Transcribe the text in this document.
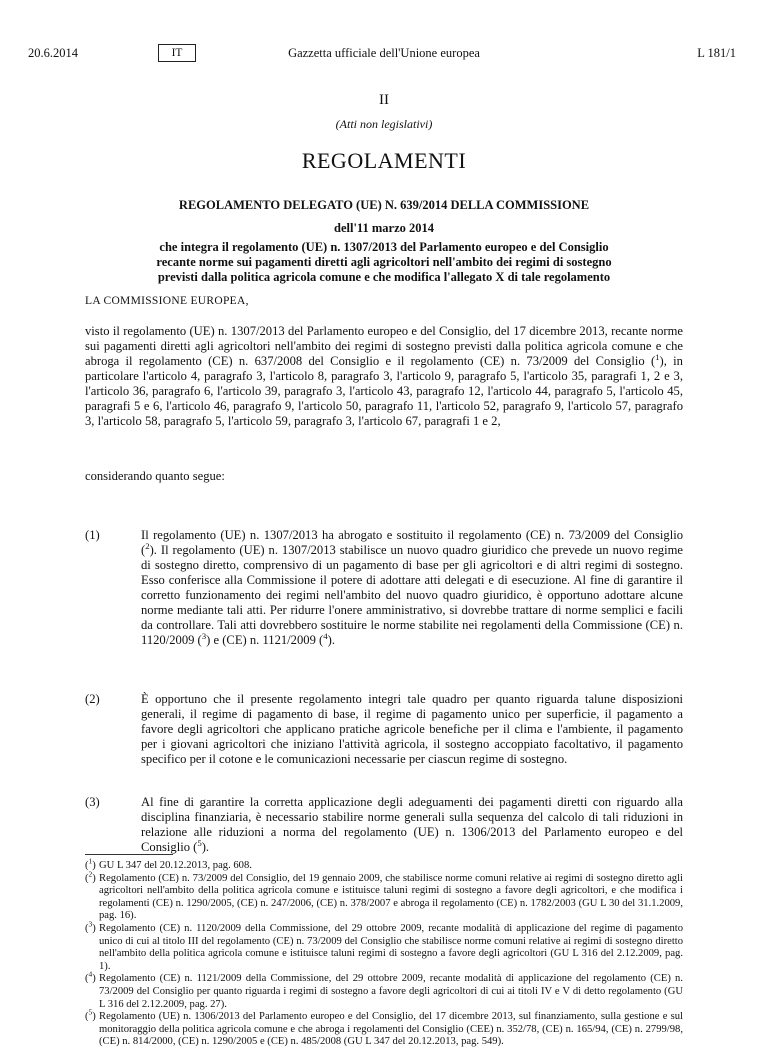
20.6.2014	IT	Gazzetta ufficiale dell'Unione europea	L 181/1
II
(Atti non legislativi)
REGOLAMENTI
REGOLAMENTO DELEGATO (UE) N. 639/2014 DELLA COMMISSIONE
dell'11 marzo 2014
che integra il regolamento (UE) n. 1307/2013 del Parlamento europeo e del Consiglio recante norme sui pagamenti diretti agli agricoltori nell'ambito dei regimi di sostegno previsti dalla politica agricola comune e che modifica l'allegato X di tale regolamento
LA COMMISSIONE EUROPEA,
visto il regolamento (UE) n. 1307/2013 del Parlamento europeo e del Consiglio, del 17 dicembre 2013, recante norme sui pagamenti diretti agli agricoltori nell'ambito dei regimi di sostegno previsti dalla politica agricola comune e che abroga il regolamento (CE) n. 637/2008 del Consiglio e il regolamento (CE) n. 73/2009 del Consiglio ($^1$), in particolare l'articolo 4, paragrafo 3, l'articolo 8, paragrafo 3, l'articolo 9, paragrafo 5, l'articolo 35, paragrafi 1, 2 e 3, l'articolo 36, paragrafo 6, l'articolo 39, paragrafo 3, l'articolo 43, paragrafo 12, l'articolo 44, paragrafo 5, l'articolo 45, paragrafi 5 e 6, l'articolo 46, paragrafo 9, l'articolo 50, paragrafo 11, l'articolo 52, paragrafo 9, l'articolo 57, paragrafo 3, l'articolo 58, paragrafo 5, l'articolo 59, paragrafo 3, l'articolo 67, paragrafi 1 e 2,
considerando quanto segue:
(1)	Il regolamento (UE) n. 1307/2013 ha abrogato e sostituito il regolamento (CE) n. 73/2009 del Consiglio ($^2$). Il regolamento (UE) n. 1307/2013 stabilisce un nuovo quadro giuridico che prevede un nuovo regime di sostegno diretto, comprensivo di un pagamento di base per gli agricoltori e di altri regimi di sostegno. Esso conferisce alla Commissione il potere di adottare atti delegati e di esecuzione. Al fine di garantire il corretto funzionamento dei regimi nell'ambito del nuovo quadro giuridico, è opportuno adottare alcune norme mediante tali atti. Per ridurre l'onere amministrativo, si dovrebbe trattare di norme semplici e facili da controllare. Tali atti dovrebbero sostituire le norme stabilite nei regolamenti della Commissione (CE) n. 1120/2009 ($^3$) e (CE) n. 1121/2009 ($^4$).
(2)	È opportuno che il presente regolamento integri tale quadro per quanto riguarda talune disposizioni generali, il regime di pagamento di base, il regime di pagamento unico per superficie, il pagamento a favore degli agricoltori che applicano pratiche agricole benefiche per il clima e l'ambiente, il pagamento per i giovani agricoltori che iniziano l'attività agricola, il sostegno accoppiato facoltativo, il pagamento specifico per il cotone e le comunicazioni necessarie per ciascun regime di sostegno.
(3)	Al fine di garantire la corretta applicazione degli adeguamenti dei pagamenti diretti con riguardo alla disciplina finanziaria, è necessario stabilire norme generali sulla sequenza del calcolo di tali riduzioni in relazione alle riduzioni a norma del regolamento (UE) n. 1306/2013 del Parlamento europeo e del Consiglio ($^5$).
($^1$) GU L 347 del 20.12.2013, pag. 608.
($^2$) Regolamento (CE) n. 73/2009 del Consiglio, del 19 gennaio 2009, che stabilisce norme comuni relative ai regimi di sostegno diretto agli agricoltori nell'ambito della politica agricola comune e istituisce taluni regimi di sostegno a favore degli agricoltori, e che modifica i regolamenti (CE) n. 1290/2005, (CE) n. 247/2006, (CE) n. 378/2007 e abroga il regolamento (CE) n. 1782/2003 (GU L 30 del 31.1.2009, pag. 16).
($^3$) Regolamento (CE) n. 1120/2009 della Commissione, del 29 ottobre 2009, recante modalità di applicazione del regime di pagamento unico di cui al titolo III del regolamento (CE) n. 73/2009 del Consiglio che stabilisce norme comuni relative ai regimi di sostegno diretto nell'ambito della politica agricola comune e istituisce taluni regimi di sostegno a favore degli agricoltori (GU L 316 del 2.12.2009, pag. 1).
($^4$) Regolamento (CE) n. 1121/2009 della Commissione, del 29 ottobre 2009, recante modalità di applicazione del regolamento (CE) n. 73/2009 del Consiglio per quanto riguarda i regimi di sostegno a favore degli agricoltori di cui ai titoli IV e V di detto regolamento (GU L 316 del 2.12.2009, pag. 27).
($^5$) Regolamento (UE) n. 1306/2013 del Parlamento europeo e del Consiglio, del 17 dicembre 2013, sul finanziamento, sulla gestione e sul monitoraggio della politica agricola comune e che abroga i regolamenti del Consiglio (CEE) n. 352/78, (CE) n. 165/94, (CE) n. 2799/98, (CE) n. 814/2000, (CE) n. 1290/2005 e (CE) n. 485/2008 (GU L 347 del 20.12.2013, pag. 549).
